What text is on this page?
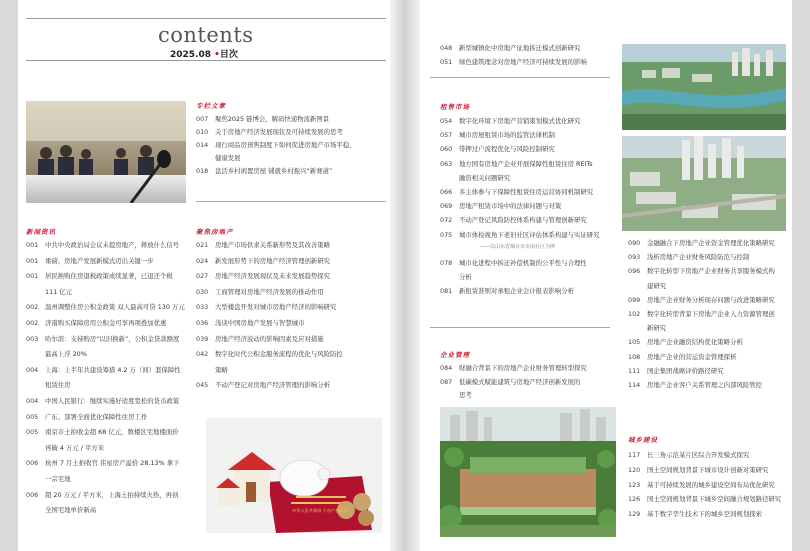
contents
2025.08 •目次
专栏文章
新闻资讯	聚焦房地产
007 聚焦2025 链博会，解码快递物流新图景
010 关于房地产经济发展现状及可持续发展的思考
014 现行商品房预售制度下如何促进房地产市场平稳、
健康发展
018 盘活乡村闲置房屋 铺就乡村振兴“新赛道”
001 中共中央政治局会议未提房地产，释放什么信号
001 重磅，房地产发展新模式迈出关键一步
001 居民换购住房退税政策成续显著，已退还个税
111 亿元
002 温州调整住房公积金政策 双人最高可贷 130 万元
002 济南购买保障房用公积金可享再项叠加优惠
003 哈尔滨：支持购房“以旧换新”，公积金贷款额度
最高上浮 20%
004 上海：上半年共建设筹措 4.2 万（间）套保障性
租赁住房
004 中国人民银行：继续实施好适度宽松的货币政策
005 广东、部署全面优化保障性住房工作
005 南京市土拍收金超 68 亿元，数楼区宅地楼面价
再破 4 万元 / 平方米
006 杭州 7 月土拍收官 伟星房产溢价 28.13% 拿下
一宗宅地
006 超 20 万元 / 平方米，上海土拍持续火热，再创
全国宅地单价新高
021 房地产市场供求关系新形势及其改善策略
024 新发展形势下的房地产经济管理创新研究
027 房地产经济发展现状及未来发展趋势探究
030 工商管理对房地产经济发展的推动作用
033 大型楼盘开发对城市房地产经济的影响研究
036 浅谈中国房地产发展与智慧城市
039 房地产经济波动的影响因素及应对措施
042 数字化时代公积金服务流程的优化与风险防控
策略
045 不动产登记对房地产经济管理的影响分析
中华人民共和国 不动产权证书
048 新型城镇化中房地产征地拆迁模式创新研究
051 绿色建筑理念对房地产经济可持续发展的影响
租售市场
054 数字化环境下房地产营销策划模式优化研究
057 城市房屋租赁市场的监管法律机制
060 带押过户流程优化与风险控制研究
063 地方国有房地产企业开展保障性租赁住房 REITs
融资相关问题研究
066 多主体参与下保障性租赁住房运营协同机制研究
069 房地产租赁市场中的法律问题与对策
072 不动产登记风险防控体系构建与管理创新研究
075 城市体检视角下老旧社区评估体系构建与实证研究
——以山东省烟台市市南社区为例
078 城市化进程中拆迁补偿机制的公平性与合理性
分析
081 新租赁准则对承租企业会计报表影响分析
企业管理
084 财融合背景下的房地产企业财务管理转型探究
087 低碳模式赋能建筑与房地产经济创新发展的
思考
090 金融融合下房地产企业资金管理优化策略研究
093 浅析房地产企业财务风险防范与控制
096 数字化转型下房地产企业财务共享服务模式构
建研究
099 房地产企业财务分析现存问题与改进策略研究
102 数字化转型背景下房地产企业人力资源管理创
新研究
105 房地产企业融资结构优化策略分析
108 房地产企业的营运资金管理探析
111 国企集团战略评价路径研究
114 房地产企业客户关系管理之内部风险管控
城乡建设
117 长三角示范某片区综合开发模式探究
120 国土空间规划背景下城市设计创新对策研究
123 基于可持续发展的城乡建设空间布局优化研究
126 国土空间规划背景下城乡空间融合规划路径研究
129 基于数字孪生技术下的城乡空间规划探索
